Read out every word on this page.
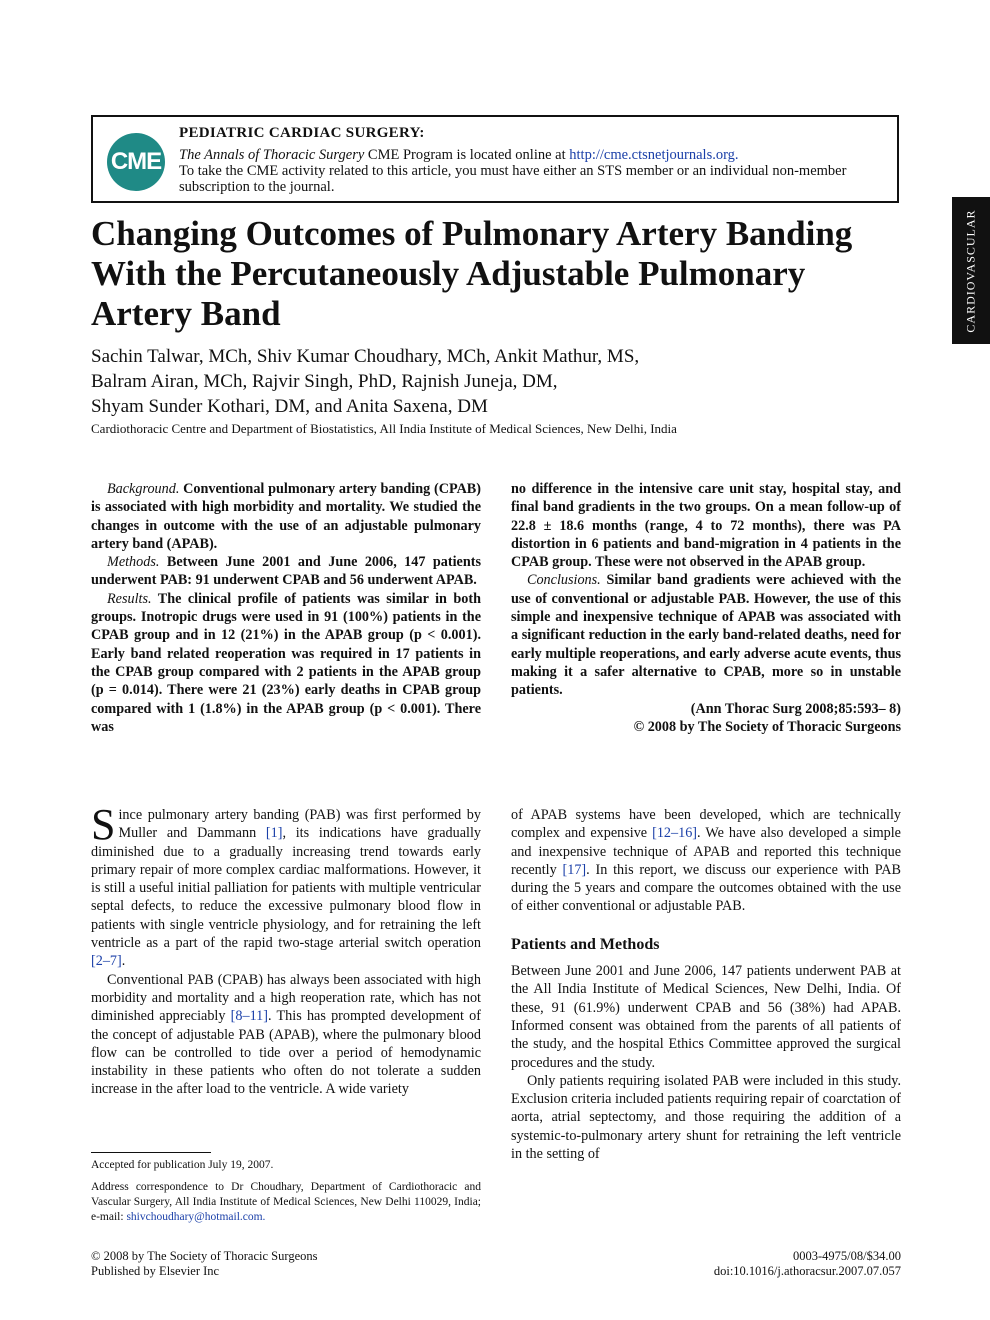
CME
PEDIATRIC CARDIAC SURGERY:
The Annals of Thoracic Surgery CME Program is located online at http://cme.ctsnetjournals.org.
To take the CME activity related to this article, you must have either an STS member or an individual non-member subscription to the journal.
CARDIOVASCULAR
Changing Outcomes of Pulmonary Artery Banding With the Percutaneously Adjustable Pulmonary Artery Band
Sachin Talwar, MCh, Shiv Kumar Choudhary, MCh, Ankit Mathur, MS,
Balram Airan, MCh, Rajvir Singh, PhD, Rajnish Juneja, DM,
Shyam Sunder Kothari, DM, and Anita Saxena, DM
Cardiothoracic Centre and Department of Biostatistics, All India Institute of Medical Sciences, New Delhi, India

Background. Conventional pulmonary artery banding (CPAB) is associated with high morbidity and mortality. We studied the changes in outcome with the use of an adjustable pulmonary artery band (APAB).

Methods. Between June 2001 and June 2006, 147 patients underwent PAB: 91 underwent CPAB and 56 underwent APAB.

Results. The clinical profile of patients was similar in both groups. Inotropic drugs were used in 91 (100%) patients in the CPAB group and in 12 (21%) in the APAB group (p < 0.001). Early band related reoperation was required in 17 patients in the CPAB group compared with 2 patients in the APAB group (p = 0.014). There were 21 (23%) early deaths in CPAB group compared with 1 (1.8%) in the APAB group (p < 0.001). There was

no difference in the intensive care unit stay, hospital stay, and final band gradients in the two groups. On a mean follow-up of 22.8 ± 18.6 months (range, 4 to 72 months), there was PA distortion in 6 patients and band-migration in 4 patients in the CPAB group. These were not observed in the APAB group.

Conclusions. Similar band gradients were achieved with the use of conventional or adjustable PAB. However, the use of this simple and inexpensive technique of APAB was associated with a significant reduction in the early band-related deaths, need for early multiple reoperations, and early adverse acute events, thus making it a safer alternative to CPAB, more so in unstable patients.

(Ann Thorac Surg 2008;85:593– 8)
© 2008 by The Society of Thoracic Surgeons

Since pulmonary artery banding (PAB) was first performed by Muller and Dammann [1], its indications have gradually diminished due to a gradually increasing trend towards early primary repair of more complex cardiac malformations. However, it is still a useful initial palliation for patients with multiple ventricular septal defects, to reduce the excessive pulmonary blood flow in patients with single ventricle physiology, and for retraining the left ventricle as a part of the rapid two-stage arterial switch operation [2–7].

Conventional PAB (CPAB) has always been associated with high morbidity and mortality and a high reoperation rate, which has not diminished appreciably [8–11]. This has prompted development of the concept of adjustable PAB (APAB), where the pulmonary blood flow can be controlled to tide over a period of hemodynamic instability in these patients who often do not tolerate a sudden increase in the after load to the ventricle. A wide variety

of APAB systems have been developed, which are technically complex and expensive [12–16]. We have also developed a simple and inexpensive technique of APAB and reported this technique recently [17]. In this report, we discuss our experience with PAB during the 5 years and compare the outcomes obtained with the use of either conventional or adjustable PAB.

Patients and Methods

Between June 2001 and June 2006, 147 patients underwent PAB at the All India Institute of Medical Sciences, New Delhi, India. Of these, 91 (61.9%) underwent CPAB and 56 (38%) had APAB. Informed consent was obtained from the parents of all patients of the study, and the hospital Ethics Committee approved the surgical procedures and the study.

Only patients requiring isolated PAB were included in this study. Exclusion criteria included patients requiring repair of coarctation of aorta, atrial septectomy, and those requiring the addition of a systemic-to-pulmonary artery shunt for retraining the left ventricle in the setting of

Accepted for publication July 19, 2007.
Address correspondence to Dr Choudhary, Department of Cardiothoracic and Vascular Surgery, All India Institute of Medical Sciences, New Delhi 110029, India; e-mail: shivchoudhary@hotmail.com.
© 2008 by The Society of Thoracic Surgeons
Published by Elsevier Inc
0003-4975/08/$34.00
doi:10.1016/j.athoracsur.2007.07.057
